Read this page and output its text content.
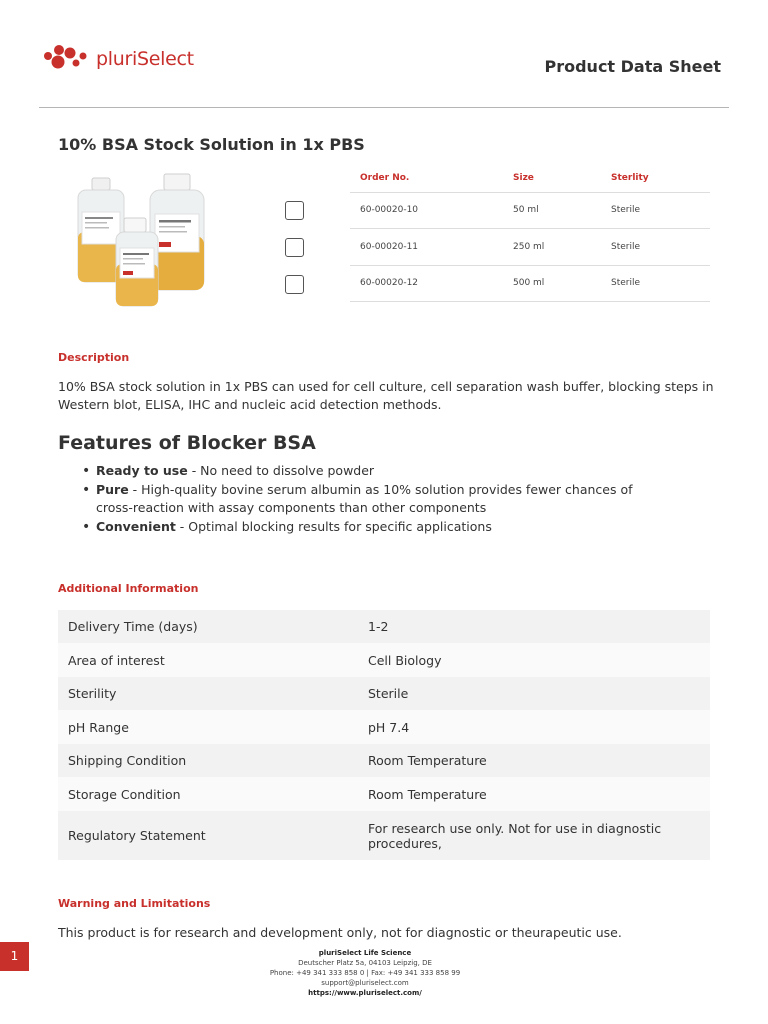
pluriSelect	Product Data Sheet
10% BSA Stock Solution in 1x PBS
Order No.	Size	Sterlity
60-00020-10	50 ml	Sterile
60-00020-11	250 ml	Sterile
60-00020-12	500 ml	Sterile
Description
10% BSA stock solution in 1x PBS can used for cell culture, cell separation wash buffer, blocking steps in Western blot, ELISA, IHC and nucleic acid detection methods.
Features of Blocker BSA
• Ready to use - No need to dissolve powder
• Pure - High-quality bovine serum albumin as 10% solution provides fewer chances of cross-reaction with assay components than other components
• Convenient - Optimal blocking results for specific applications
Additional Information
Delivery Time (days)	1-2
Area of interest	Cell Biology
Sterility	Sterile
pH Range	pH 7.4
Shipping Condition	Room Temperature
Storage Condition	Room Temperature
Regulatory Statement	For research use only. Not for use in diagnostic procedures,
Warning and Limitations
This product is for research and development only, not for diagnostic or theurapeutic use.
1	pluriSelect Life Science
Deutscher Platz 5a, 04103 Leipzig, DE
Phone: +49 341 333 858 0 | Fax: +49 341 333 858 99
support@pluriselect.com
https://www.pluriselect.com/
